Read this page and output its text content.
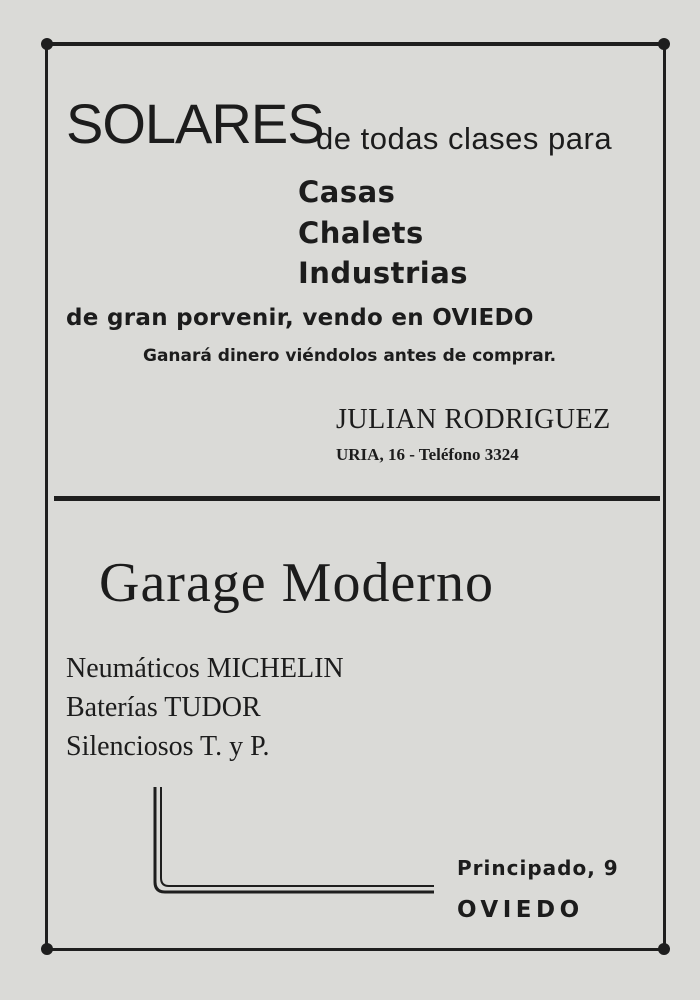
SOLARES
de todas clases para
Casas
Chalets
Industrias
de gran porvenir, vendo en OVIEDO
Ganará dinero viéndolos antes de comprar.
JULIAN RODRIGUEZ
URIA, 16 - Teléfono 3324
Garage Moderno
Neumáticos MICHELIN
Baterías TUDOR
Silenciosos T. y P.
Principado, 9
OVIEDO
